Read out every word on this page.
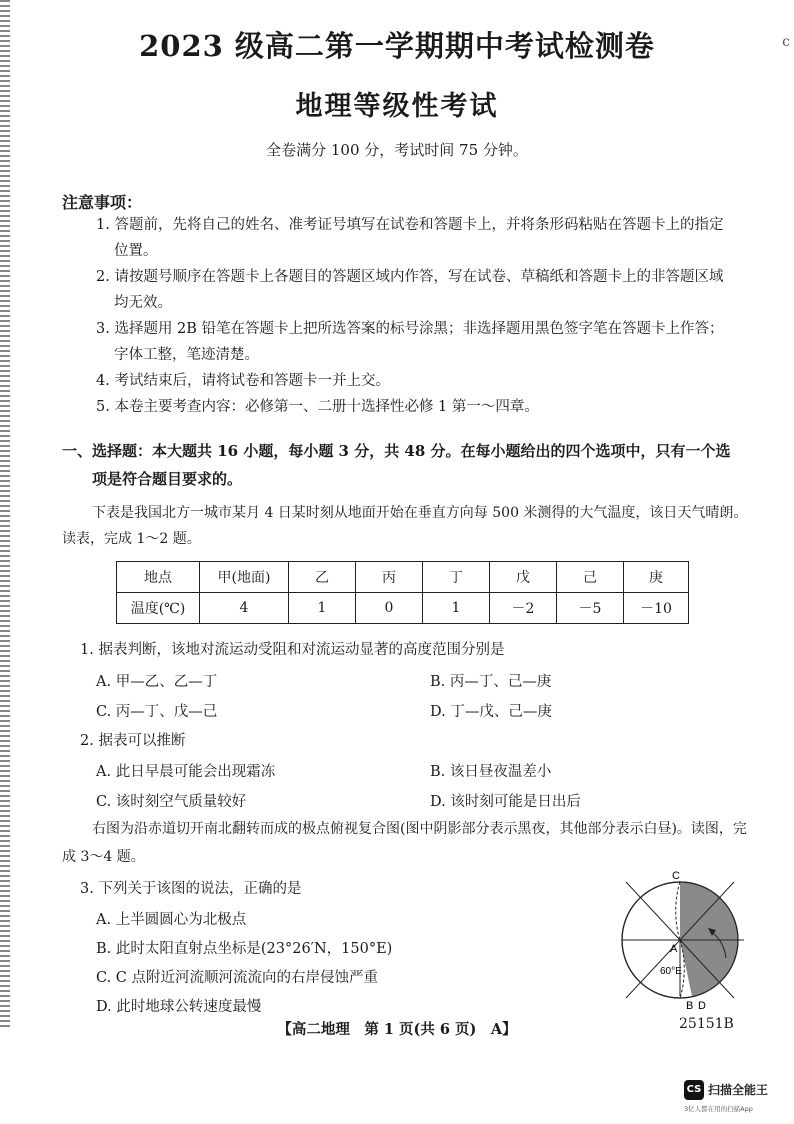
c
2023 级高二第一学期期中考试检测卷
地理等级性考试
全卷满分 100 分，考试时间 75 分钟。
注意事项：
1. 答题前，先将自己的姓名、准考证号填写在试卷和答题卡上，并将条形码粘贴在答题卡上的指定位置。
2. 请按题号顺序在答题卡上各题目的答题区域内作答，写在试卷、草稿纸和答题卡上的非答题区域均无效。
3. 选择题用 2B 铅笔在答题卡上把所选答案的标号涂黑；非选择题用黑色签字笔在答题卡上作答；字体工整，笔迹清楚。
4. 考试结束后，请将试卷和答题卡一并上交。
5. 本卷主要考查内容：必修第一、二册十选择性必修 1 第一～四章。
一、选择题：本大题共 16 小题，每小题 3 分，共 48 分。在每小题给出的四个选项中，只有一个选
项是符合题目要求的。
下表是我国北方一城市某月 4 日某时刻从地面开始在垂直方向每 500 米测得的大气温度，该日天气晴朗。读表，完成 1～2 题。
地点	甲(地面)	乙	丙	丁	戊	己	庚
温度(℃)	4	1	0	1	－2	－5	－10
1. 据表判断，该地对流运动受阻和对流运动显著的高度范围分别是
A. 甲—乙、乙—丁	B. 丙—丁、己—庚
C. 丙—丁、戊—己	D. 丁—戊、己—庚
2. 据表可以推断
A. 此日早晨可能会出现霜冻	B. 该日昼夜温差小
C. 该时刻空气质量较好	D. 该时刻可能是日出后
右图为沿赤道切开南北翻转而成的极点俯视复合图(图中阴影部分表示黑夜，其他部分表示白昼)。读图，完成 3～4 题。
3. 下列关于该图的说法，正确的是
A. 上半圆圆心为北极点
B. 此时太阳直射点坐标是(23°26′N，150°E)
C. C 点附近河流顺河流流向的右岸侵蚀严重
D. 此时地球公转速度最慢
C
A
60°E
B D
【高二地理　第 1 页(共 6 页)　A】	25151B
CS 扫描全能王
3亿人都在用的扫描App
